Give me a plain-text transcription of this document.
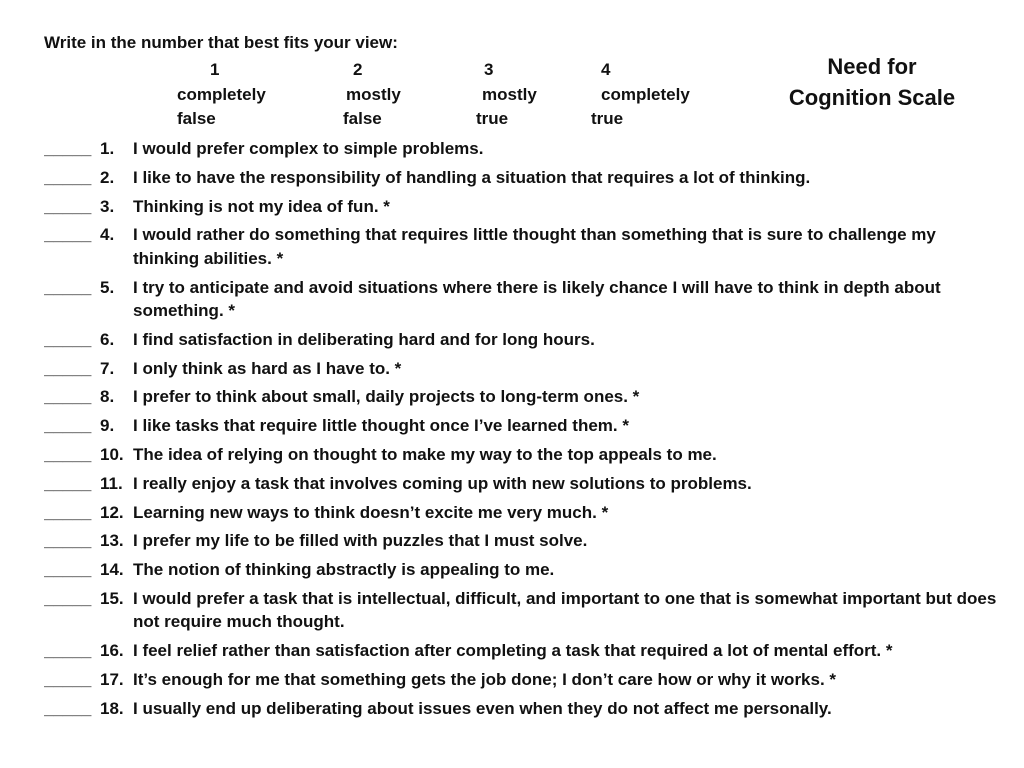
Write in the number that best fits your view:
Need for
Cognition Scale
1	2	3	4
completely	mostly	mostly	completely
false	false	true	true
_____ 1.	I would prefer complex to simple problems.
_____ 2.	I like to have the responsibility of handling a situation that requires a lot of thinking.
_____ 3.	Thinking is not my idea of fun. *
_____ 4.	I would rather do something that requires little thought than something that is sure to challenge my thinking abilities. *
_____ 5.	I try to anticipate and avoid situations where there is likely chance I will have to think in depth about something. *
_____ 6.	I find satisfaction in deliberating hard and for long hours.
_____ 7.	I only think as hard as I have to. *
_____ 8.	I prefer to think about small, daily projects to long-term ones. *
_____ 9.	I like tasks that require little thought once I’ve learned them. *
_____ 10. The idea of relying on thought to make my way to the top appeals to me.
_____ 11. I really enjoy a task that involves coming up with new solutions to problems.
_____ 12. Learning new ways to think doesn’t excite me very much. *
_____ 13. I prefer my life to be filled with puzzles that I must solve.
_____ 14. The notion of thinking abstractly is appealing to me.
_____ 15. I would prefer a task that is intellectual, difficult, and important to one that is somewhat important but does not require much thought.
_____ 16. I feel relief rather than satisfaction after completing a task that required a lot of mental effort. *
_____ 17. It’s enough for me that something gets the job done; I don’t care how or why it works. *
_____ 18. I usually end up deliberating about issues even when they do not affect me personally.
